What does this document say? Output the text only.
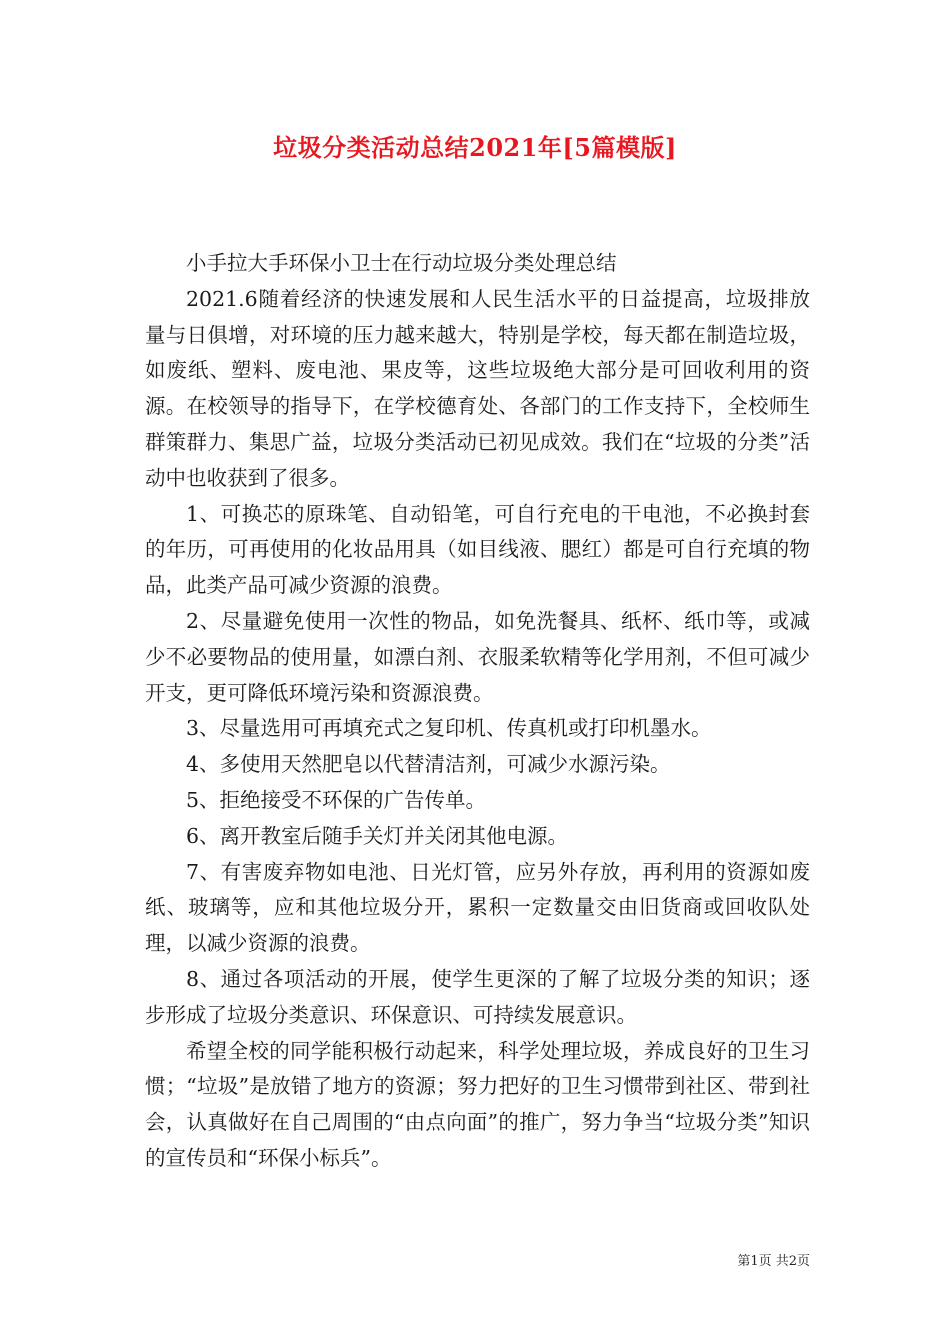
垃圾分类活动总结2021年[5篇模版]

小手拉大手环保小卫士在行动垃圾分类处理总结

2021.6随着经济的快速发展和人民生活水平的日益提高，垃圾排放量与日俱增，对环境的压力越来越大，特别是学校，每天都在制造垃圾，如废纸、塑料、废电池、果皮等，这些垃圾绝大部分是可回收利用的资源。在校领导的指导下，在学校德育处、各部门的工作支持下，全校师生群策群力、集思广益，垃圾分类活动已初见成效。我们在“垃圾的分类”活动中也收获到了很多。

1、可换芯的原珠笔、自动铅笔，可自行充电的干电池，不必换封套的年历，可再使用的化妆品用具（如目线液、腮红）都是可自行充填的物品，此类产品可减少资源的浪费。

2、尽量避免使用一次性的物品，如免洗餐具、纸杯、纸巾等，或减少不必要物品的使用量，如漂白剂、衣服柔软精等化学用剂，不但可减少开支，更可降低环境污染和资源浪费。

3、尽量选用可再填充式之复印机、传真机或打印机墨水。

4、多使用天然肥皂以代替清洁剂，可减少水源污染。

5、拒绝接受不环保的广告传单。

6、离开教室后随手关灯并关闭其他电源。

7、有害废弃物如电池、日光灯管，应另外存放，再利用的资源如废纸、玻璃等，应和其他垃圾分开，累积一定数量交由旧货商或回收队处理，以减少资源的浪费。

8、通过各项活动的开展，使学生更深的了解了垃圾分类的知识；逐步形成了垃圾分类意识、环保意识、可持续发展意识。

希望全校的同学能积极行动起来，科学处理垃圾，养成良好的卫生习惯；“垃圾”是放错了地方的资源；努力把好的卫生习惯带到社区、带到社会，认真做好在自己周围的“由点向面”的推广，努力争当“垃圾分类”知识的宣传员和“环保小标兵”。

第1页 共2页
